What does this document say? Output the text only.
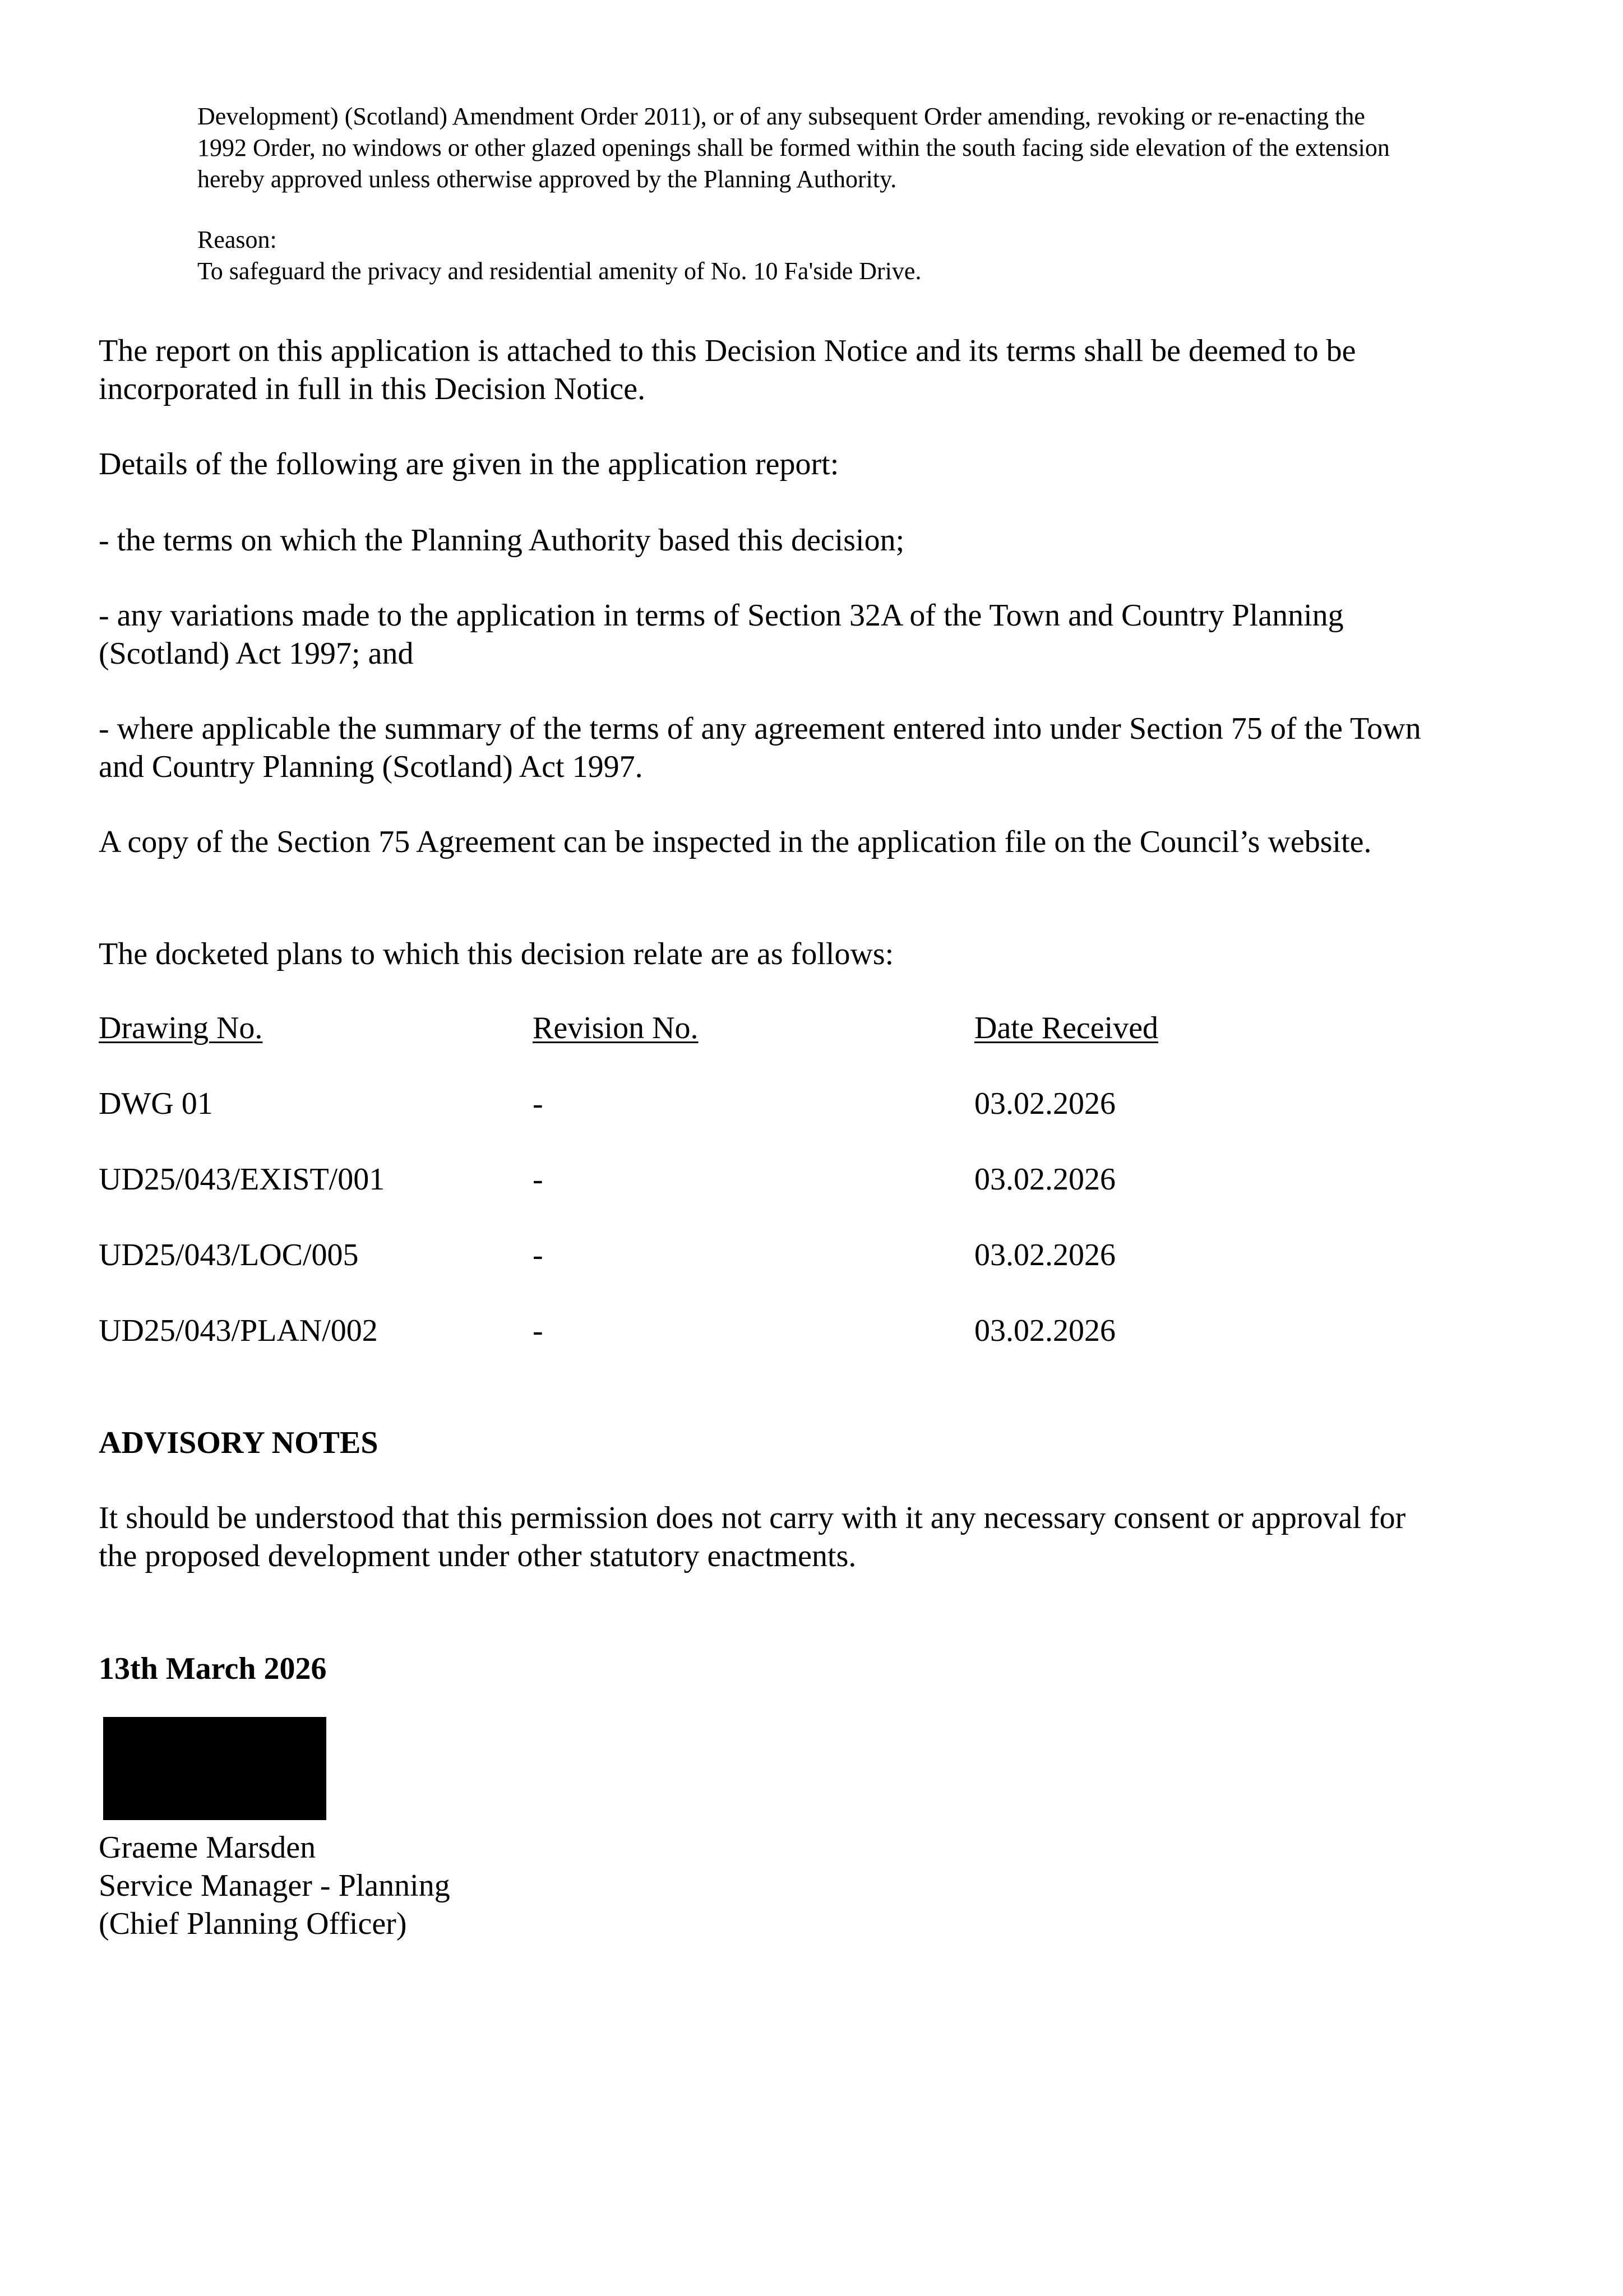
Development) (Scotland) Amendment Order 2011), or of any subsequent Order amending, revoking or re-enacting the 1992 Order, no windows or other glazed openings shall be formed within the south facing side elevation of the extension hereby approved unless otherwise approved by the Planning Authority.

Reason:

To safeguard the privacy and residential amenity of No. 10 Fa'side Drive.

The report on this application is attached to this Decision Notice and its terms shall be deemed to be incorporated in full in this Decision Notice.

Details of the following are given in the application report:

- the terms on which the Planning Authority based this decision;

- any variations made to the application in terms of Section 32A of the Town and Country Planning (Scotland) Act 1997; and

- where applicable the summary of the terms of any agreement entered into under Section 75 of the Town and Country Planning (Scotland) Act 1997.

A copy of the Section 75 Agreement can be inspected in the application file on the Council’s website.

The docketed plans to which this decision relate are as follows:

Drawing No.	Revision No.	Date Received
DWG 01	-	03.02.2026
UD25/043/EXIST/001	-	03.02.2026
UD25/043/LOC/005	-	03.02.2026
UD25/043/PLAN/002	-	03.02.2026

ADVISORY NOTES

It should be understood that this permission does not carry with it any necessary consent or approval for the proposed development under other statutory enactments.

13th March 2026

Graeme Marsden

Service Manager - Planning

(Chief Planning Officer)
